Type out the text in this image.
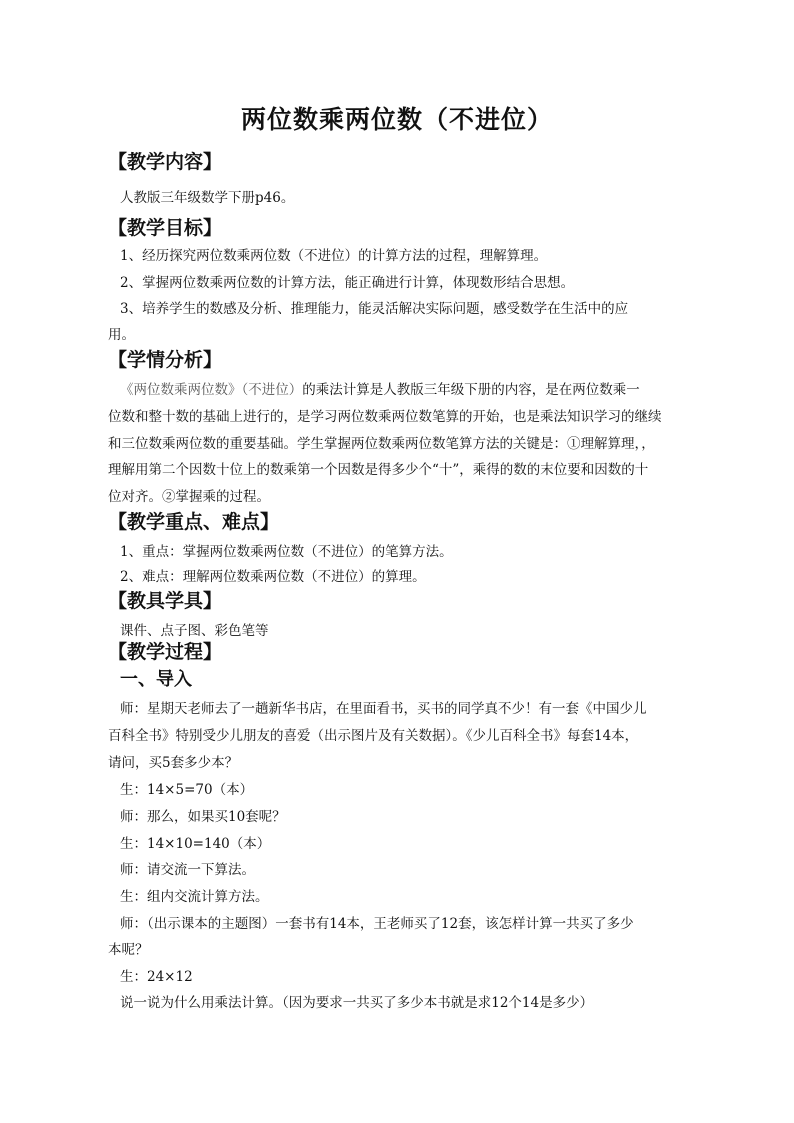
两位数乘两位数（不进位）
【教学内容】
人教版三年级数学下册p46。
【教学目标】
1、经历探究两位数乘两位数（不进位）的计算方法的过程，理解算理。
2、掌握两位数乘两位数的计算方法，能正确进行计算，体现数形结合思想。
3、培养学生的数感及分析、推理能力，能灵活解决实际问题，感受数学在生活中的应
用。
【学情分析】
《两位数乘两位数》（不进位）的乘法计算是人教版三年级下册的内容，是在两位数乘一
位数和整十数的基础上进行的，是学习两位数乘两位数笔算的开始，也是乘法知识学习的继续
和三位数乘两位数的重要基础。学生掌握两位数乘两位数笔算方法的关键是：①理解算理，，
理解用第二个因数十位上的数乘第一个因数是得多少个“十”，乘得的数的末位要和因数的十
位对齐。②掌握乘的过程。
【教学重点、难点】
1、重点：掌握两位数乘两位数（不进位）的笔算方法。
2、难点：理解两位数乘两位数（不进位）的算理。
【教具学具】
课件、点子图、彩色笔等
【教学过程】
一、导入
师：星期天老师去了一趟新华书店，在里面看书，买书的同学真不少！有一套《中国少儿
百科全书》特别受少儿朋友的喜爱（出示图片及有关数据）。《少儿百科全书》每套14本，
请问，买5套多少本？
生：14×5=70（本）
师：那么，如果买10套呢？
生：14×10=140（本）
师：请交流一下算法。
生：组内交流计算方法。
师：（出示课本的主题图）一套书有14本，王老师买了12套，该怎样计算一共买了多少
本呢？
生：24×12
说一说为什么用乘法计算。（因为要求一共买了多少本书就是求12个14是多少）
